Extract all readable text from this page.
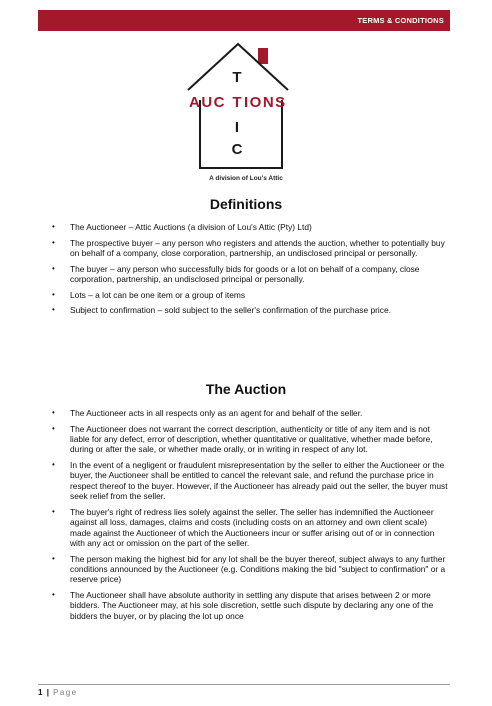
TERMS & CONDITIONS
AUC T IONS
T
I
C
A division of Lou's Attic
Definitions
• The Auctioneer – Attic Auctions (a division of Lou's Attic (Pty) Ltd)
• The prospective buyer – any person who registers and attends the auction, whether to potentially buy on behalf of a company, close corporation, partnership, an undisclosed principal or personally.
• The buyer – any person who successfully bids for goods or a lot on behalf of a company, close corporation, partnership, an undisclosed principal or personally.
• Lots – a lot can be one item or a group of items
• Subject to confirmation – sold subject to the seller's confirmation of the purchase price.
The Auction
• The Auctioneer acts in all respects only as an agent for and behalf of the seller.
• The Auctioneer does not warrant the correct description, authenticity or title of any item and is not liable for any defect, error of description, whether quantitative or qualitative, whether made before, during or after the sale, or whether made orally, or in writing in respect of any lot.
• In the event of a negligent or fraudulent misrepresentation by the seller to either the Auctioneer or the buyer, the Auctioneer shall be entitled to cancel the relevant sale, and refund the purchase price in respect thereof to the buyer. However, if the Auctioneer has already paid out the seller, the buyer must seek relief from the seller.
• The buyer's right of redress lies solely against the seller. The seller has indemnified the Auctioneer against all loss, damages, claims and costs (including costs on an attorney and own client scale) made against the Auctioneer of which the Auctioneers incur or suffer arising out of or in connection with any act or omission on the part of the seller.
• The person making the highest bid for any lot shall be the buyer thereof, subject always to any further conditions announced by the Auctioneer (e.g. Conditions making the bid "subject to confirmation" or a reserve price)
• The Auctioneer shall have absolute authority in settling any dispute that arises between 2 or more bidders. The Auctioneer may, at his sole discretion, settle such dispute by declaring any one of the bidders the buyer, or by placing the lot up once
1 | Page
